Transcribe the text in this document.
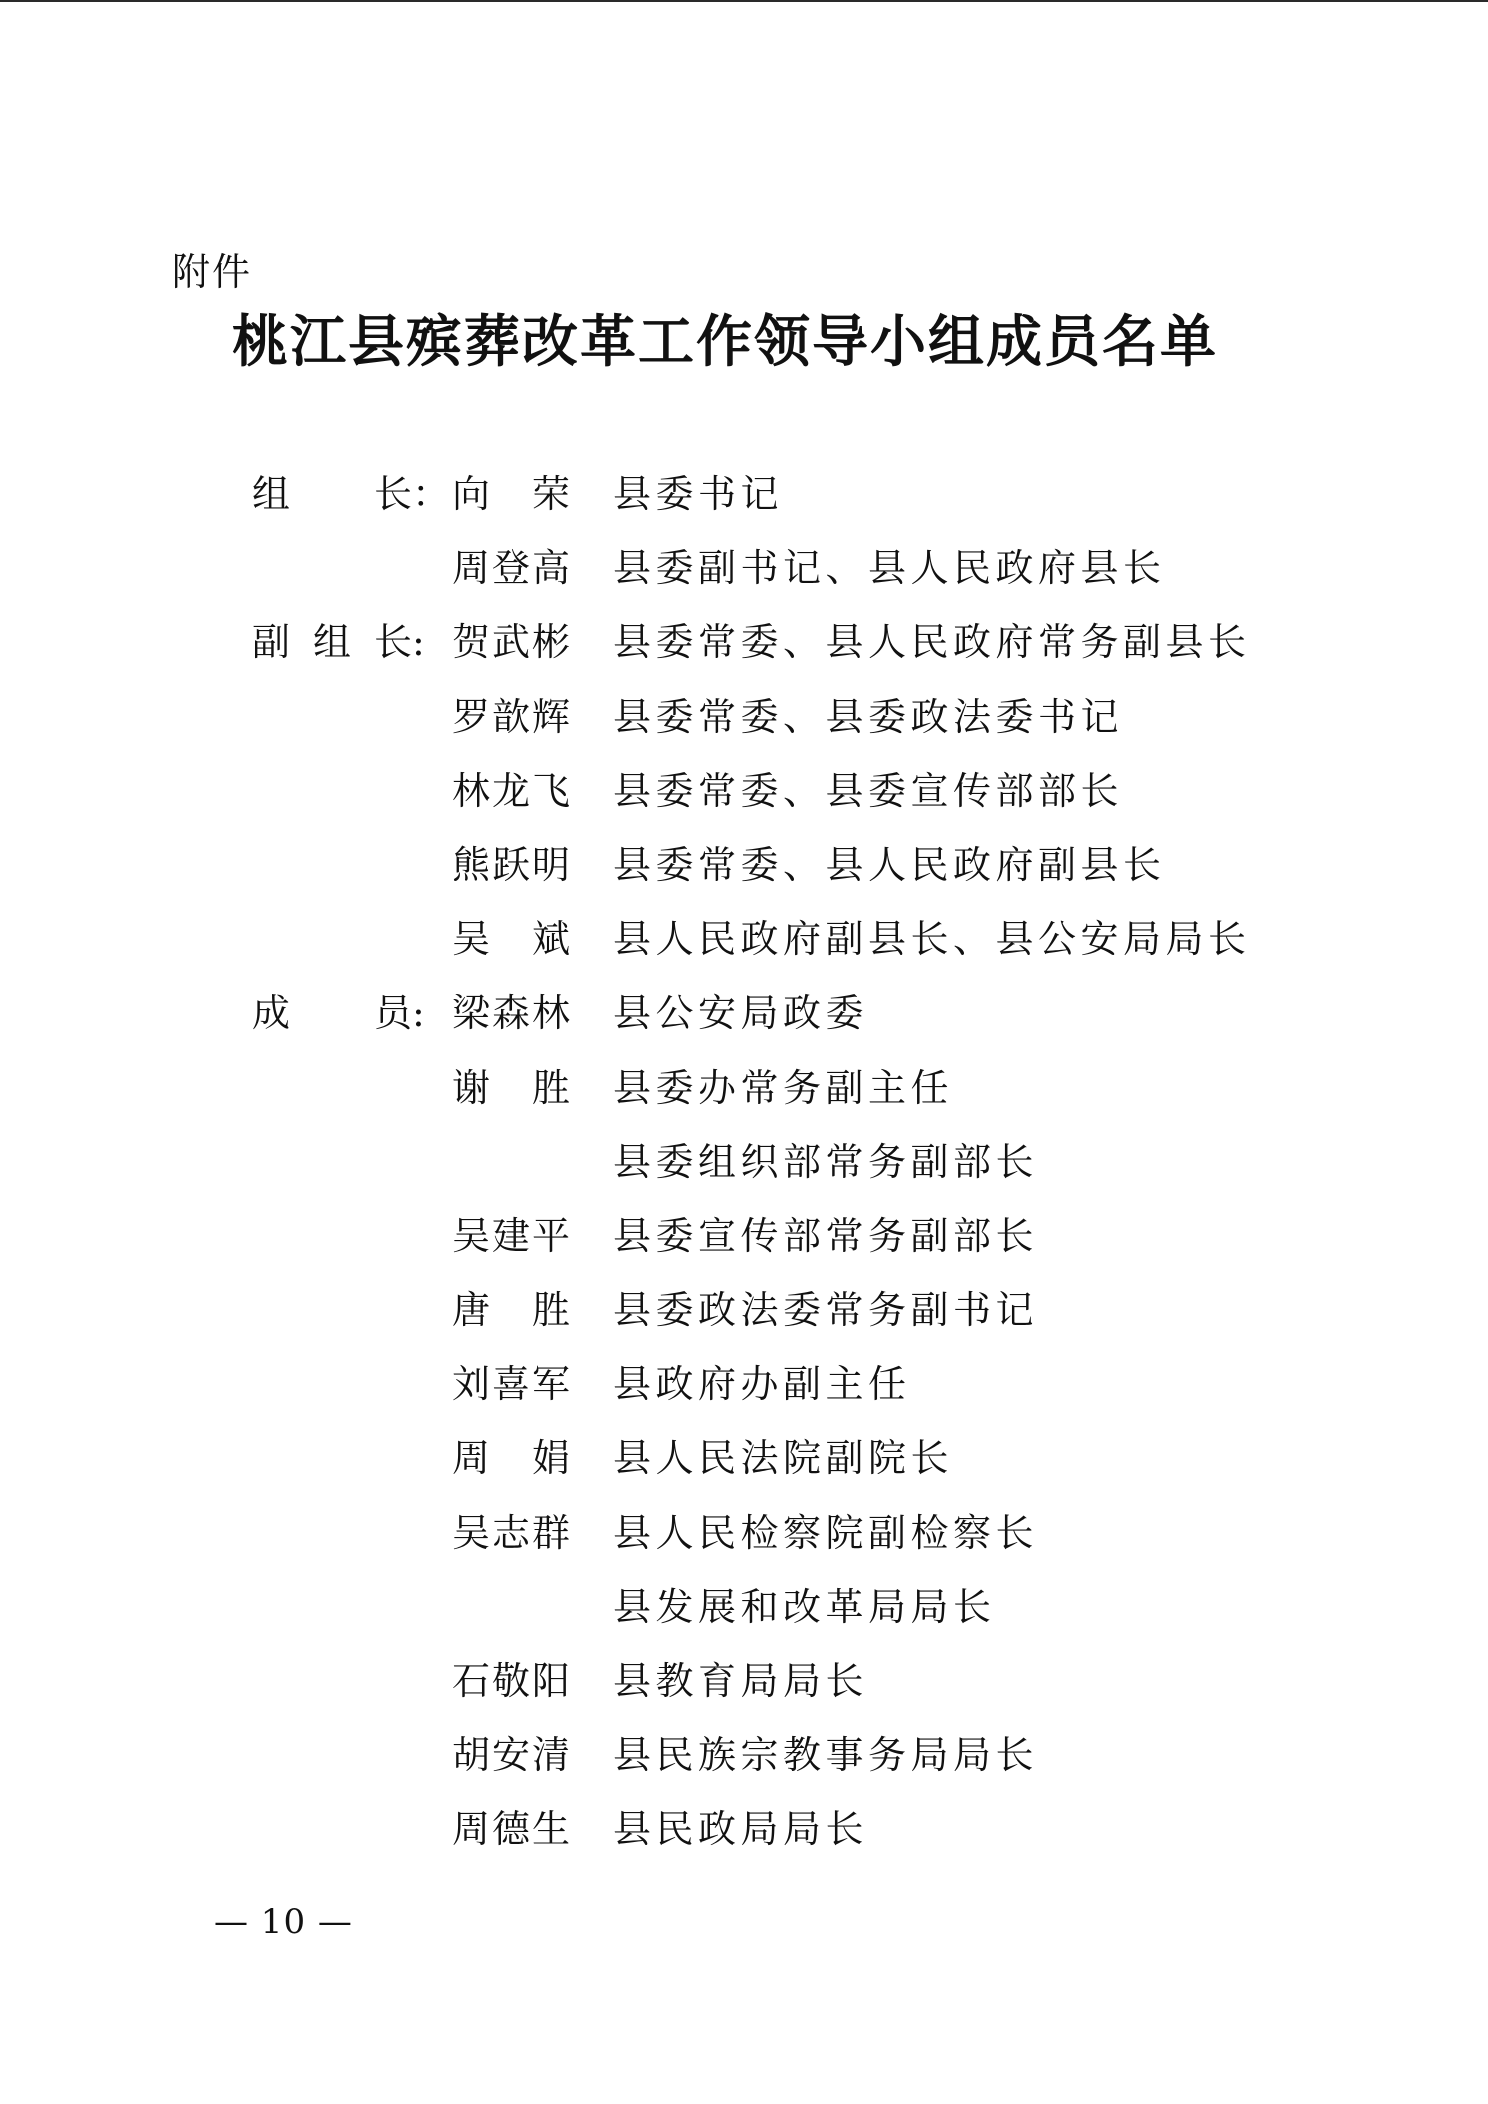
附件
桃江县殡葬改革工作领导小组成员名单
组长 ： 向荣 县委书记
周登高 县委副书记、县人民政府县长
副组长 : 贺武彬 县委常委、县人民政府常务副县长
罗歆辉 县委常委、县委政法委书记
林龙飞 县委常委、县委宣传部部长
熊跃明 县委常委、县人民政府副县长
吴斌 县人民政府副县长、县公安局局长
成员 : 梁森林 县公安局政委
谢胜 县委办常务副主任
县委组织部常务副部长
吴建平 县委宣传部常务副部长
唐胜 县委政法委常务副书记
刘喜军 县政府办副主任
周娟 县人民法院副院长
吴志群 县人民检察院副检察长
县发展和改革局局长
石敬阳 县教育局局长
胡安清 县民族宗教事务局局长
周德生 县民政局局长
— 10 —
